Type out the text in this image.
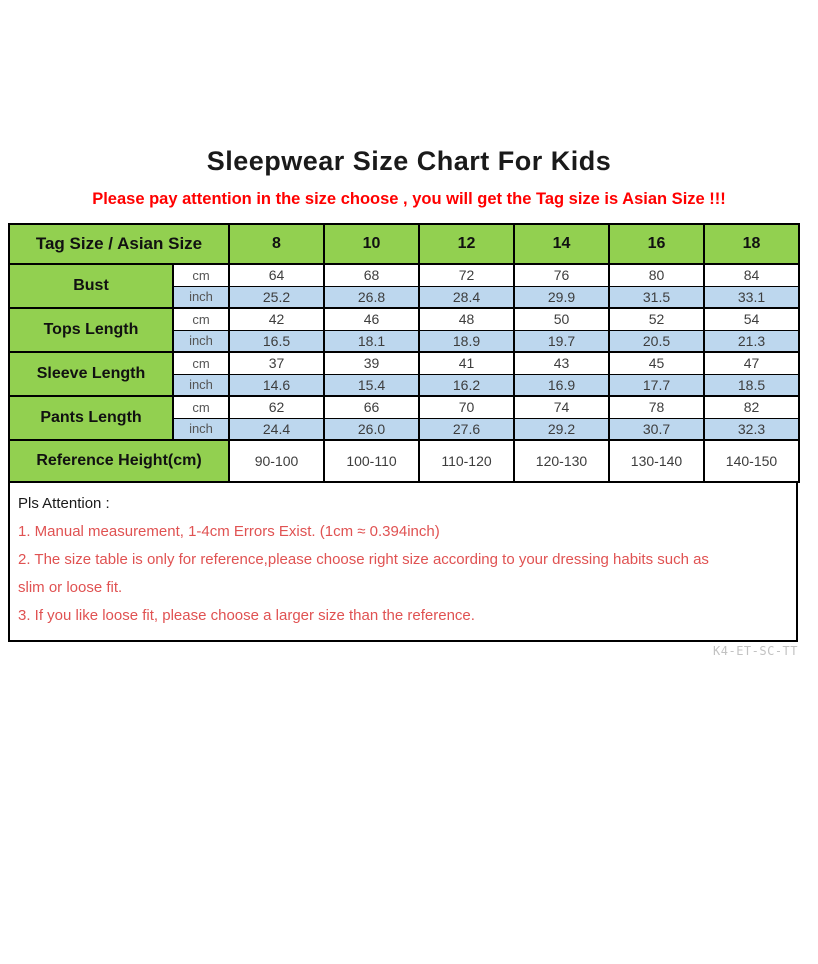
Sleepwear Size Chart For Kids
Please pay attention in the size choose , you will get the Tag size is Asian Size !!!
Tag Size / Asian Size		8	10	12	14	16	18
Bust	cm	64	68	72	76	80	84
	inch	25.2	26.8	28.4	29.9	31.5	33.1
Tops Length	cm	42	46	48	50	52	54
	inch	16.5	18.1	18.9	19.7	20.5	21.3
Sleeve Length	cm	37	39	41	43	45	47
	inch	14.6	15.4	16.2	16.9	17.7	18.5
Pants Length	cm	62	66	70	74	78	82
	inch	24.4	26.0	27.6	29.2	30.7	32.3
Reference Height(cm)		90-100	100-110	110-120	120-130	130-140	140-150
Pls Attention :
1. Manual measurement, 1-4cm Errors Exist. (1cm ≈ 0.394inch)
2. The size table is only for reference,please choose right size according to your dressing habits such as
slim or loose fit.
3. If you like loose fit, please choose a larger size than the reference.
K4-ET-SC-TT
